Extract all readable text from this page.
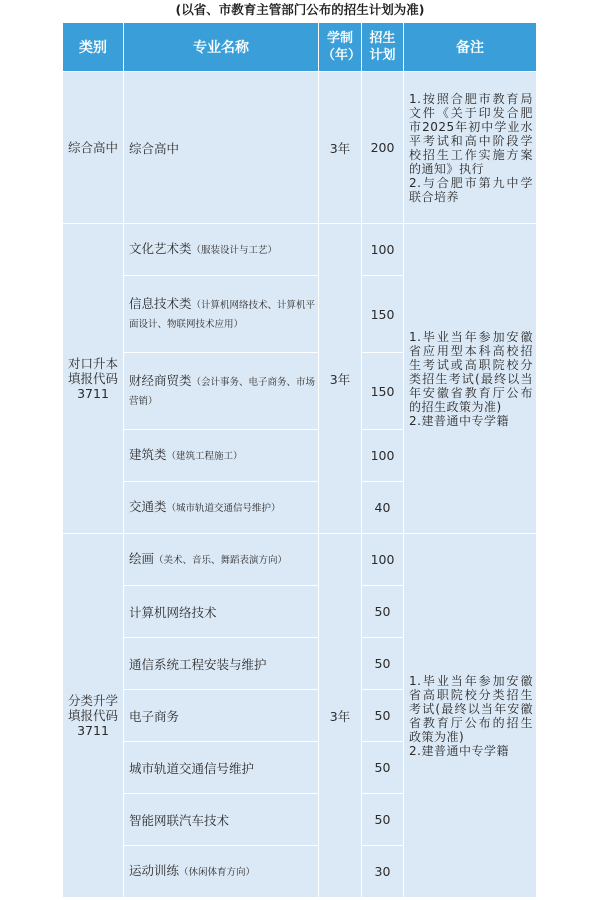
(以省、市教育主管部门公布的招生计划为准)
类别	专业名称	学制（年）	招生计划	备注
综合高中	综合高中	3年	200	1.按照合肥市教育局文件《关于印发合肥市2025年初中学业水平考试和高中阶段学校招生工作实施方案的通知》执行
2.与合肥市第九中学联合培养
对口升本
填报代码
3711	文化艺术类（服装设计与工艺）	3年	100	1.毕业当年参加安徽省应用型本科高校招生考试或高职院校分类招生考试(最终以当年安徽省教育厅公布的招生政策为准)
2.建普通中专学籍

	信息技术类（计算机网络技术、计算机平面设计、物联网技术应用）		150	

	财经商贸类（会计事务、电子商务、市场营销）		150	

	建筑类（建筑工程施工）		100	

	交通类（城市轨道交通信号维护）		40	
分类升学
填报代码
3711	绘画（美术、音乐、舞蹈表演方向）	3年	100	1.毕业当年参加安徽省高职院校分类招生考试(最终以当年安徽省教育厅公布的招生政策为准)
2.建普通中专学籍
	计算机网络技术		50	
	通信系统工程安装与维护		50	
	电子商务		50	
	城市轨道交通信号维护		50	
	智能网联汽车技术		50	

	运动训练（休闲体育方向）		30	
